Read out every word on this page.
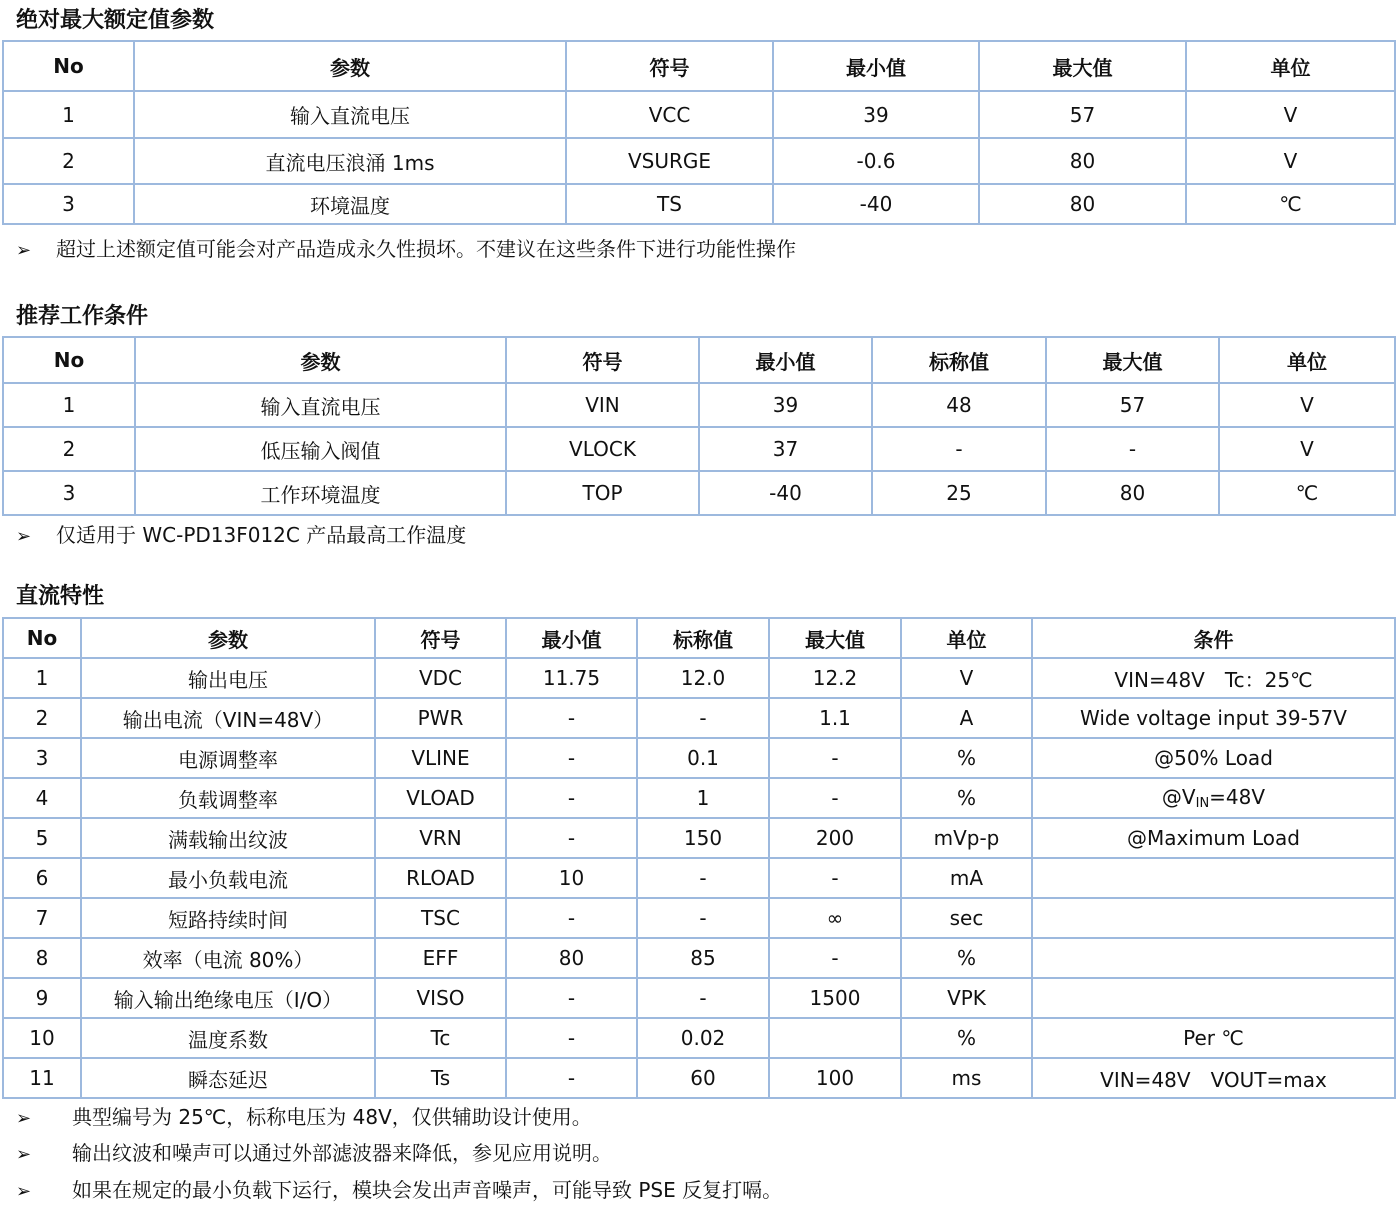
绝对最大额定值参数
No	参数	符号	最小值	最大值	单位
1	输入直流电压	VCC	39	57	V
2	直流电压浪涌 1ms	VSURGE	-0.6	80	V
3	环境温度	TS	-40	80	℃
➢ 超过上述额定值可能会对产品造成永久性损坏。不建议在这些条件下进行功能性操作
推荐工作条件
No	参数	符号	最小值	标称值	最大值	单位
1	输入直流电压	VIN	39	48	57	V
2	低压输入阀值	VLOCK	37	-	-	V
3	工作环境温度	TOP	-40	25	80	℃
➢ 仅适用于 WC-PD13F012C 产品最高工作温度
直流特性
No	参数	符号	最小值	标称值	最大值	单位	条件
1	输出电压	VDC	11.75	12.0	12.2	V	VIN=48V　Tc：25℃
2	输出电流（VIN=48V）	PWR	-	-	1.1	A	Wide voltage input 39-57V
3	电源调整率	VLINE	-	0.1	-	%	@50% Load
4	负载调整率	VLOAD	-	1	-	%	$@V_{IN}=48V$
5	满载输出纹波	VRN	-	150	200	mVp-p	@Maximum Load
6	最小负载电流	RLOAD	10	-	-	mA	
7	短路持续时间	TSC	-	-	∞	sec	
8	效率（电流 80%）	EFF	80	85	-	%	
9	输入输出绝缘电压（I/O）	VISO	-	-	1500	VPK	
10	温度系数	Tc	-	0.02		%	Per ℃
11	瞬态延迟	Ts	-	60	100	ms	VIN=48V　VOUT=max
➢ 典型编号为 25℃，标称电压为 48V，仅供辅助设计使用。
➢ 输出纹波和噪声可以通过外部滤波器来降低，参见应用说明。
➢ 如果在规定的最小负载下运行，模块会发出声音噪声，可能导致 PSE 反复打嗝。
